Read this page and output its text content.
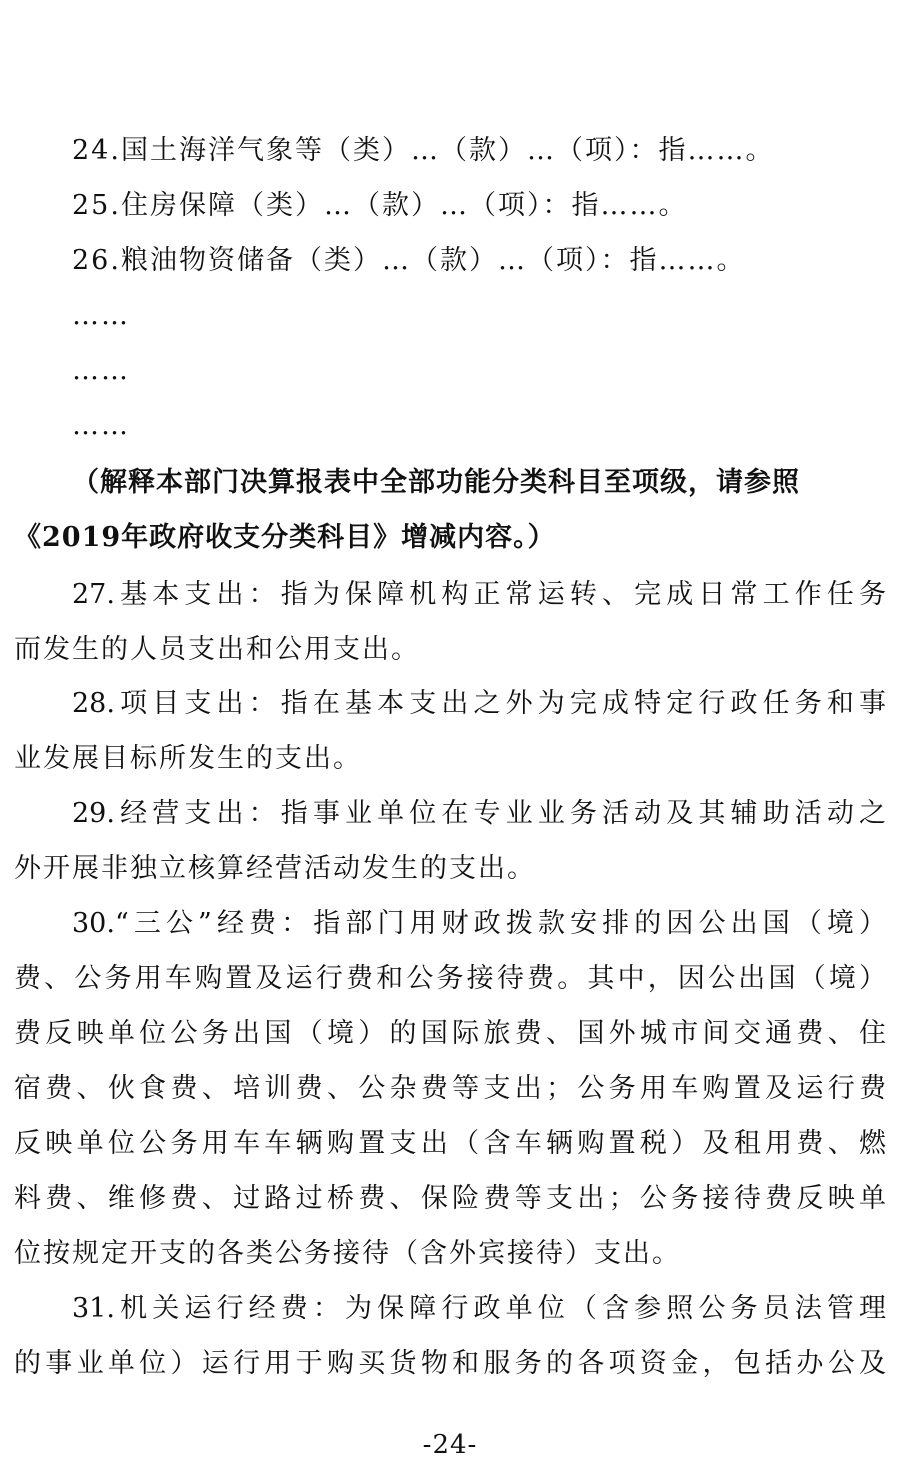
24.国土海洋气象等（类）…（款）…（项）：指……。
25.住房保障（类）…（款）…（项）：指……。
26.粮油物资储备（类）…（款）…（项）：指……。
……
……
……
（解释本部门决算报表中全部功能分类科目至项级，请参照
《2019年政府收支分类科目》增减内容。）
27.基本支出：指为保障机构正常运转、完成日常工作任务
而发生的人员支出和公用支出。
28.项目支出：指在基本支出之外为完成特定行政任务和事
业发展目标所发生的支出。
29.经营支出：指事业单位在专业业务活动及其辅助活动之
外开展非独立核算经营活动发生的支出。
30.“三公”经费：指部门用财政拨款安排的因公出国（境）
费、公务用车购置及运行费和公务接待费。其中，因公出国（境）
费反映单位公务出国（境）的国际旅费、国外城市间交通费、住
宿费、伙食费、培训费、公杂费等支出；公务用车购置及运行费
反映单位公务用车车辆购置支出（含车辆购置税）及租用费、燃
料费、维修费、过路过桥费、保险费等支出；公务接待费反映单
位按规定开支的各类公务接待（含外宾接待）支出。
31.机关运行经费：为保障行政单位（含参照公务员法管理
的事业单位）运行用于购买货物和服务的各项资金，包括办公及
-24-
